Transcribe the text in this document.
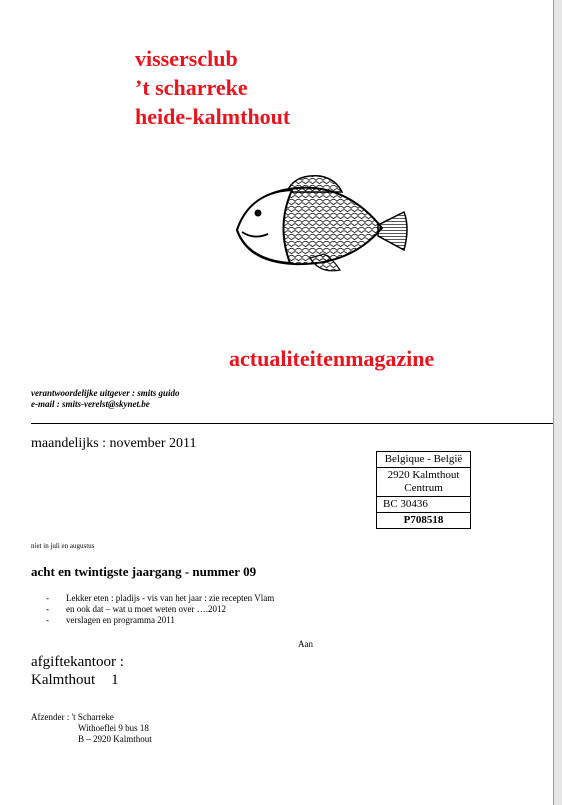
vissersclub
’t scharreke
heide-kalmthout
actualiteitenmagazine
verantwoordelijke uitgever : smits guido
e-mail : smits-verelst@skynet.be
maandelijks : november 2011
Belgique - België
2920 Kalmthout
Centrum
BC 30436
P708518
niet in juli en augustus
acht en twintigste jaargang - nummer 09
- Lekker eten : pladijs - vis van het jaar : zie recepten Vlam
- en ook dat – wat u moet weten over ….2012
- verslagen en programma 2011
Aan
afgiftekantoor :
Kalmthout 1
Afzender : 't Scharreke
Withoeflei 9 bus 18
B – 2920 Kalmthout
